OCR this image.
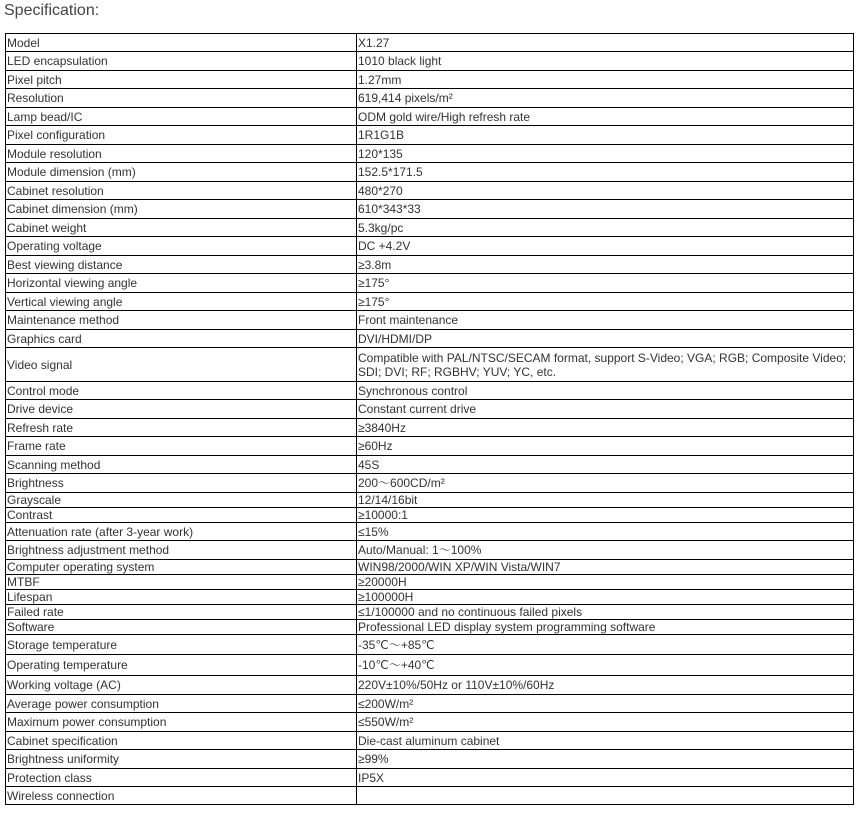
Specification:
Model	X1.27
LED encapsulation	1010 black light
Pixel pitch	1.27mm
Resolution	619,414 pixels/m²
Lamp bead/IC	ODM gold wire/High refresh rate
Pixel configuration	1R1G1B
Module resolution	120*135
Module dimension (mm)	152.5*171.5
Cabinet resolution	480*270
Cabinet dimension (mm)	610*343*33
Cabinet weight	5.3kg/pc
Operating voltage	DC +4.2V
Best viewing distance	≥3.8m
Horizontal viewing angle	≥175°
Vertical viewing angle	≥175°
Maintenance method	Front maintenance
Graphics card	DVI/HDMI/DP
Video signal	Compatible with PAL/NTSC/SECAM format, support S-Video; VGA; RGB; Composite Video; SDI; DVI; RF; RGBHV; YUV; YC, etc.
Control mode	Synchronous control
Drive device	Constant current drive
Refresh rate	≥3840Hz
Frame rate	≥60Hz
Scanning method	45S
Brightness	200～600CD/m²
Grayscale	12/14/16bit
Contrast	≥10000:1
Attenuation rate (after 3-year work)	≤15%
Brightness adjustment method	Auto/Manual: 1～100%
Computer operating system	WIN98/2000/WIN XP/WIN Vista/WIN7
MTBF	≥20000H
Lifespan	≥100000H
Failed rate	≤1/100000 and no continuous failed pixels
Software	Professional LED display system programming software
Storage temperature	-35℃～+85℃
Operating temperature	-10℃～+40℃
Working voltage (AC)	220V±10%/50Hz or 110V±10%/60Hz
Average power consumption	≤200W/m²
Maximum power consumption	≤550W/m²
Cabinet specification	Die-cast aluminum cabinet
Brightness uniformity	≥99%
Protection class	IP5X
Wireless connection	
